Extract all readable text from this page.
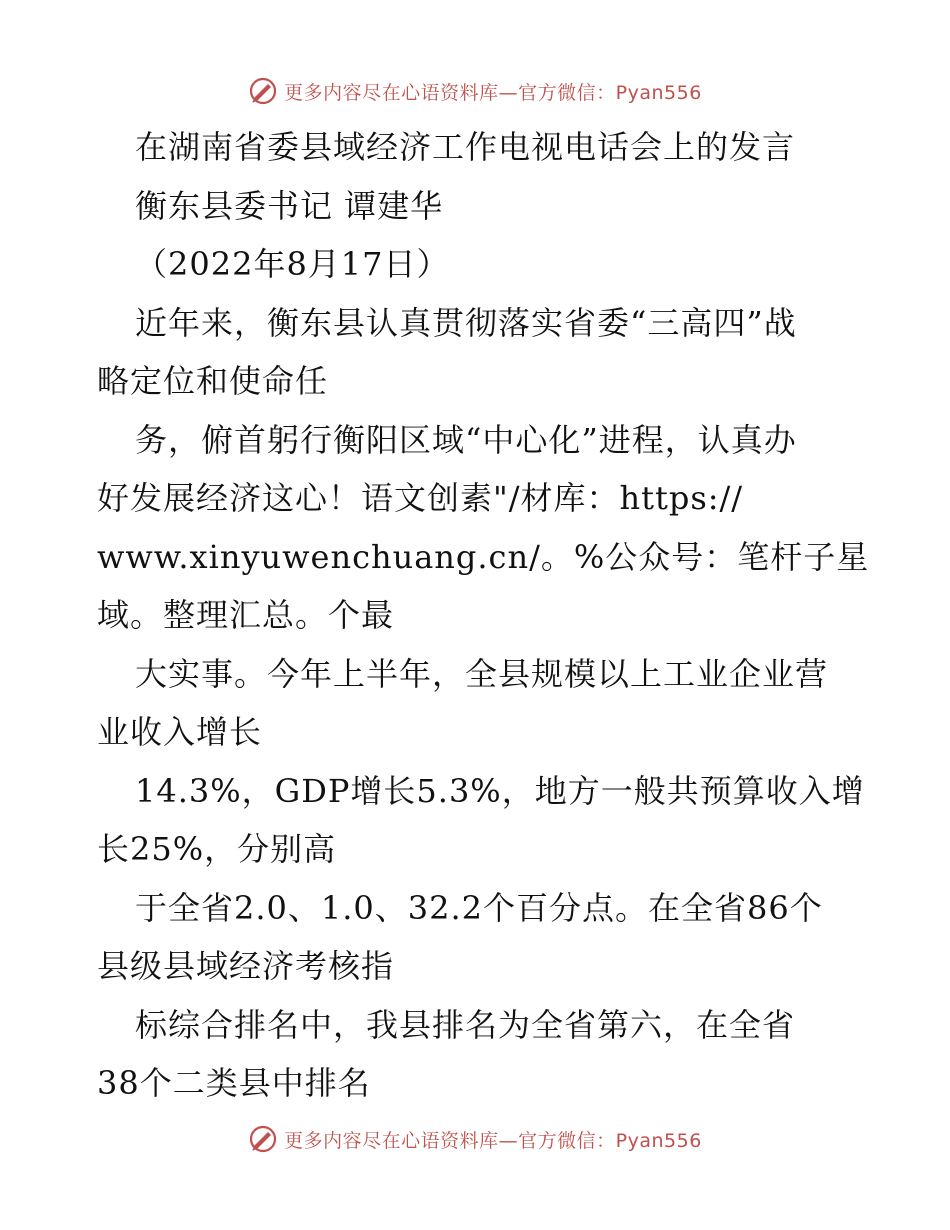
更多内容尽在心语资料库—官方微信：Pyan556
在湖南省委县域经济工作电视电话会上的发言
衡东县委书记 谭建华
（2022年8月17日）
近年来，衡东县认真贯彻落实省委“三高四”战
略定位和使命任
务，俯首躬行衡阳区域“中心化”进程，认真办
好发展经济这心！语文创素"/材库：https://
www.xinyuwenchuang.cn/。%公众号：笔杆子星
域。整理汇总。个最
大实事。今年上半年，全县规模以上工业企业营
业收入增长
14.3%，GDP增长5.3%，地方一般共预算收入增
长25%，分别高
于全省2.0、1.0、32.2个百分点。在全省86个
县级县域经济考核指
标综合排名中，我县排名为全省第六，在全省
38个二类县中排名
更多内容尽在心语资料库—官方微信：Pyan556
